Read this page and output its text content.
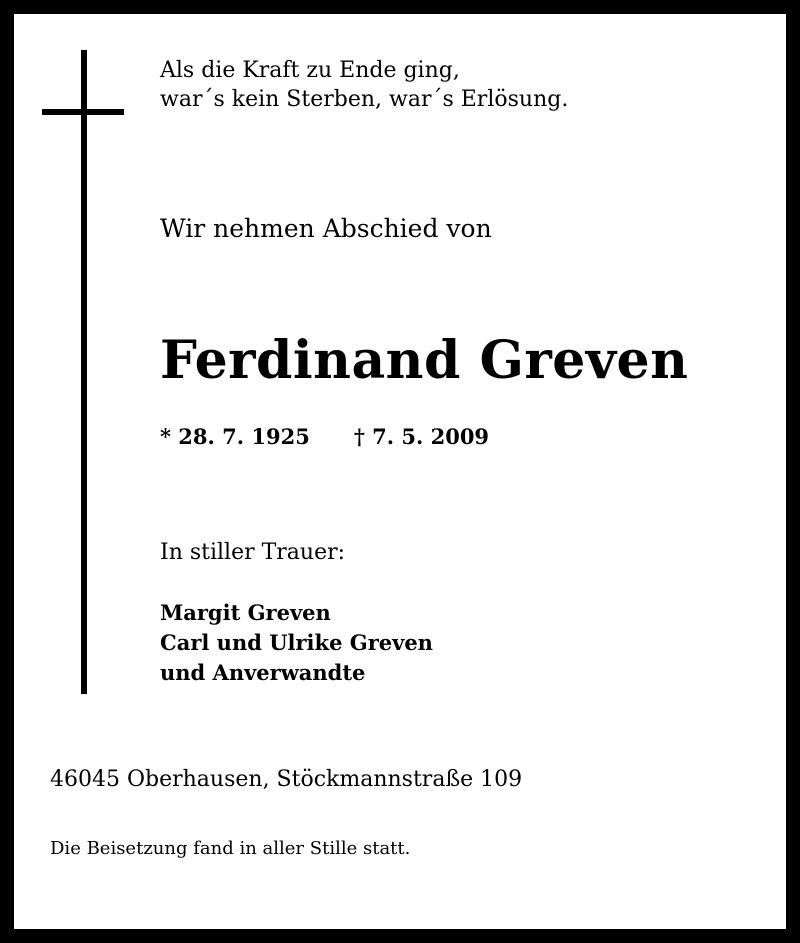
Als die Kraft zu Ende ging,
war´s kein Sterben, war´s Erlösung.
Wir nehmen Abschied von
Ferdinand Greven
* 28. 7. 1925 † 7. 5. 2009
In stiller Trauer:
Margit Greven
Carl und Ulrike Greven
und Anverwandte
46045 Oberhausen, Stöckmannstraße 109
Die Beisetzung fand in aller Stille statt.
